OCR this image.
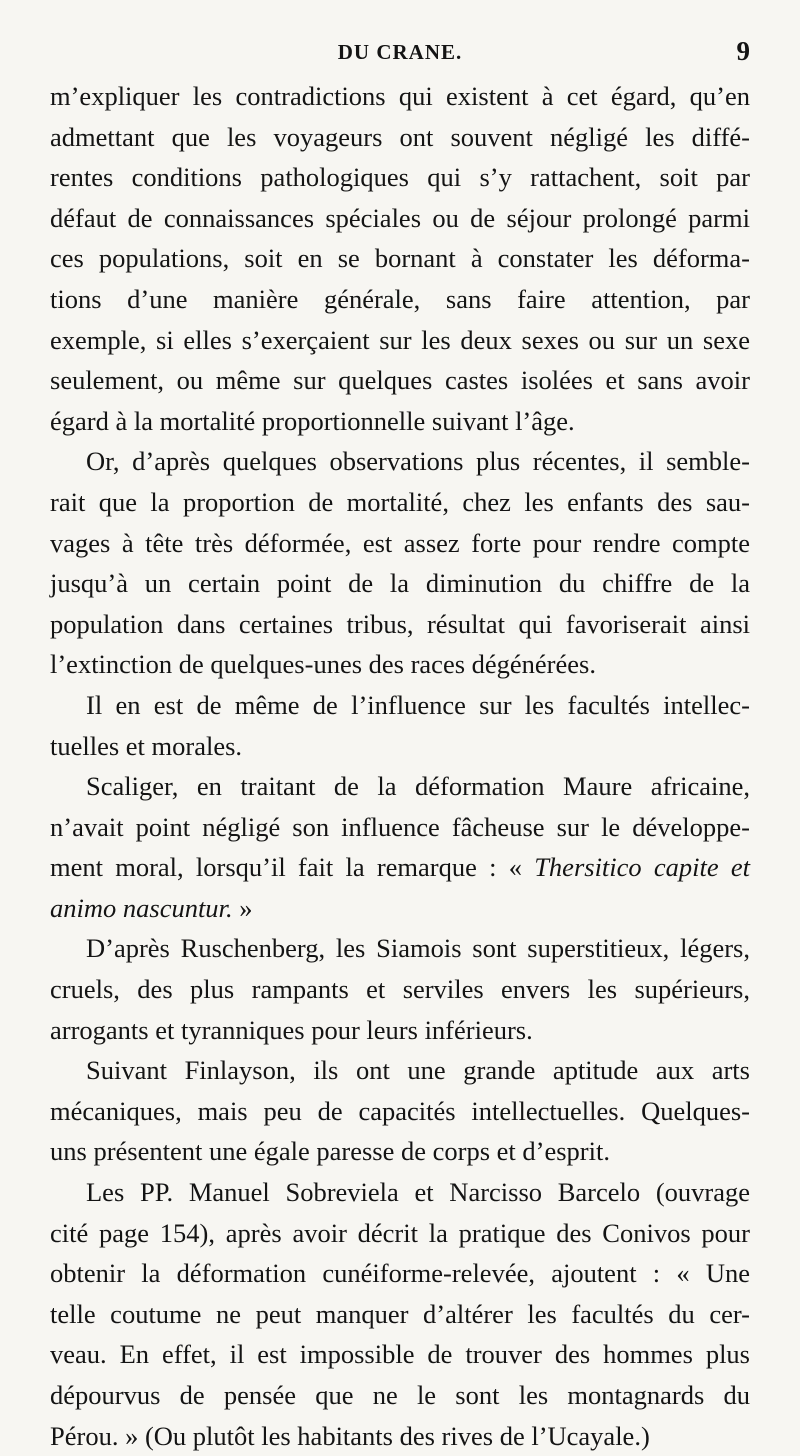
DU CRANE.	9
m’expliquer les contradictions qui existent à cet égard, qu’en
admettant que les voyageurs ont souvent négligé les diffé-
rentes conditions pathologiques qui s’y rattachent, soit par
défaut de connaissances spéciales ou de séjour prolongé parmi
ces populations, soit en se bornant à constater les déforma-
tions d’une manière générale, sans faire attention, par
exemple, si elles s’exerçaient sur les deux sexes ou sur un sexe
seulement, ou même sur quelques castes isolées et sans avoir
égard à la mortalité proportionnelle suivant l’âge.
Or, d’après quelques observations plus récentes, il semble-
rait que la proportion de mortalité, chez les enfants des sau-
vages à tête très déformée, est assez forte pour rendre compte
jusqu’à un certain point de la diminution du chiffre de la
population dans certaines tribus, résultat qui favoriserait ainsi
l’extinction de quelques-unes des races dégénérées.
Il en est de même de l’influence sur les facultés intellec-
tuelles et morales.
Scaliger, en traitant de la déformation Maure africaine,
n’avait point négligé son influence fâcheuse sur le développe-
ment moral, lorsqu’il fait la remarque : « Thersitico capite et
animo nascuntur. »
D’après Ruschenberg, les Siamois sont superstitieux, légers,
cruels, des plus rampants et serviles envers les supérieurs,
arrogants et tyranniques pour leurs inférieurs.
Suivant Finlayson, ils ont une grande aptitude aux arts
mécaniques, mais peu de capacités intellectuelles. Quelques-
uns présentent une égale paresse de corps et d’esprit.
Les PP. Manuel Sobreviela et Narcisso Barcelo (ouvrage
cité page 154), après avoir décrit la pratique des Conivos pour
obtenir la déformation cunéiforme-relevée, ajoutent : « Une
telle coutume ne peut manquer d’altérer les facultés du cer-
veau. En effet, il est impossible de trouver des hommes plus
dépourvus de pensée que ne le sont les montagnards du
Pérou. » (Ou plutôt les habitants des rives de l’Ucayale.)
